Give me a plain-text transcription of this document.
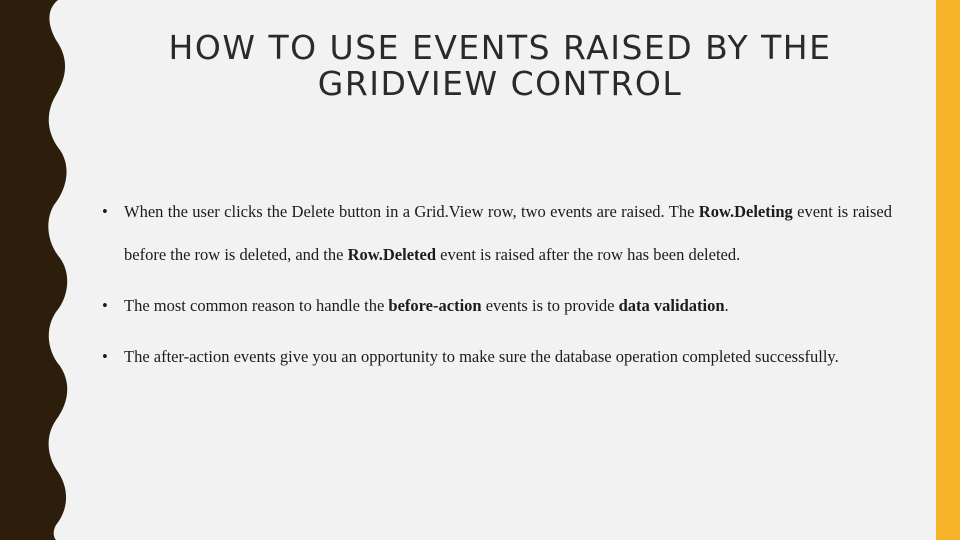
HOW TO USE EVENTS RAISED BY THE
GRIDVIEW CONTROL
• When the user clicks the Delete button in a Grid.View row, two events are raised. The Row.Deleting event is raised before the row is deleted, and the Row.Deleted event is raised after the row has been deleted.
• The most common reason to handle the before-action events is to provide data validation.
• The after-action events give you an opportunity to make sure the database operation completed successfully.
